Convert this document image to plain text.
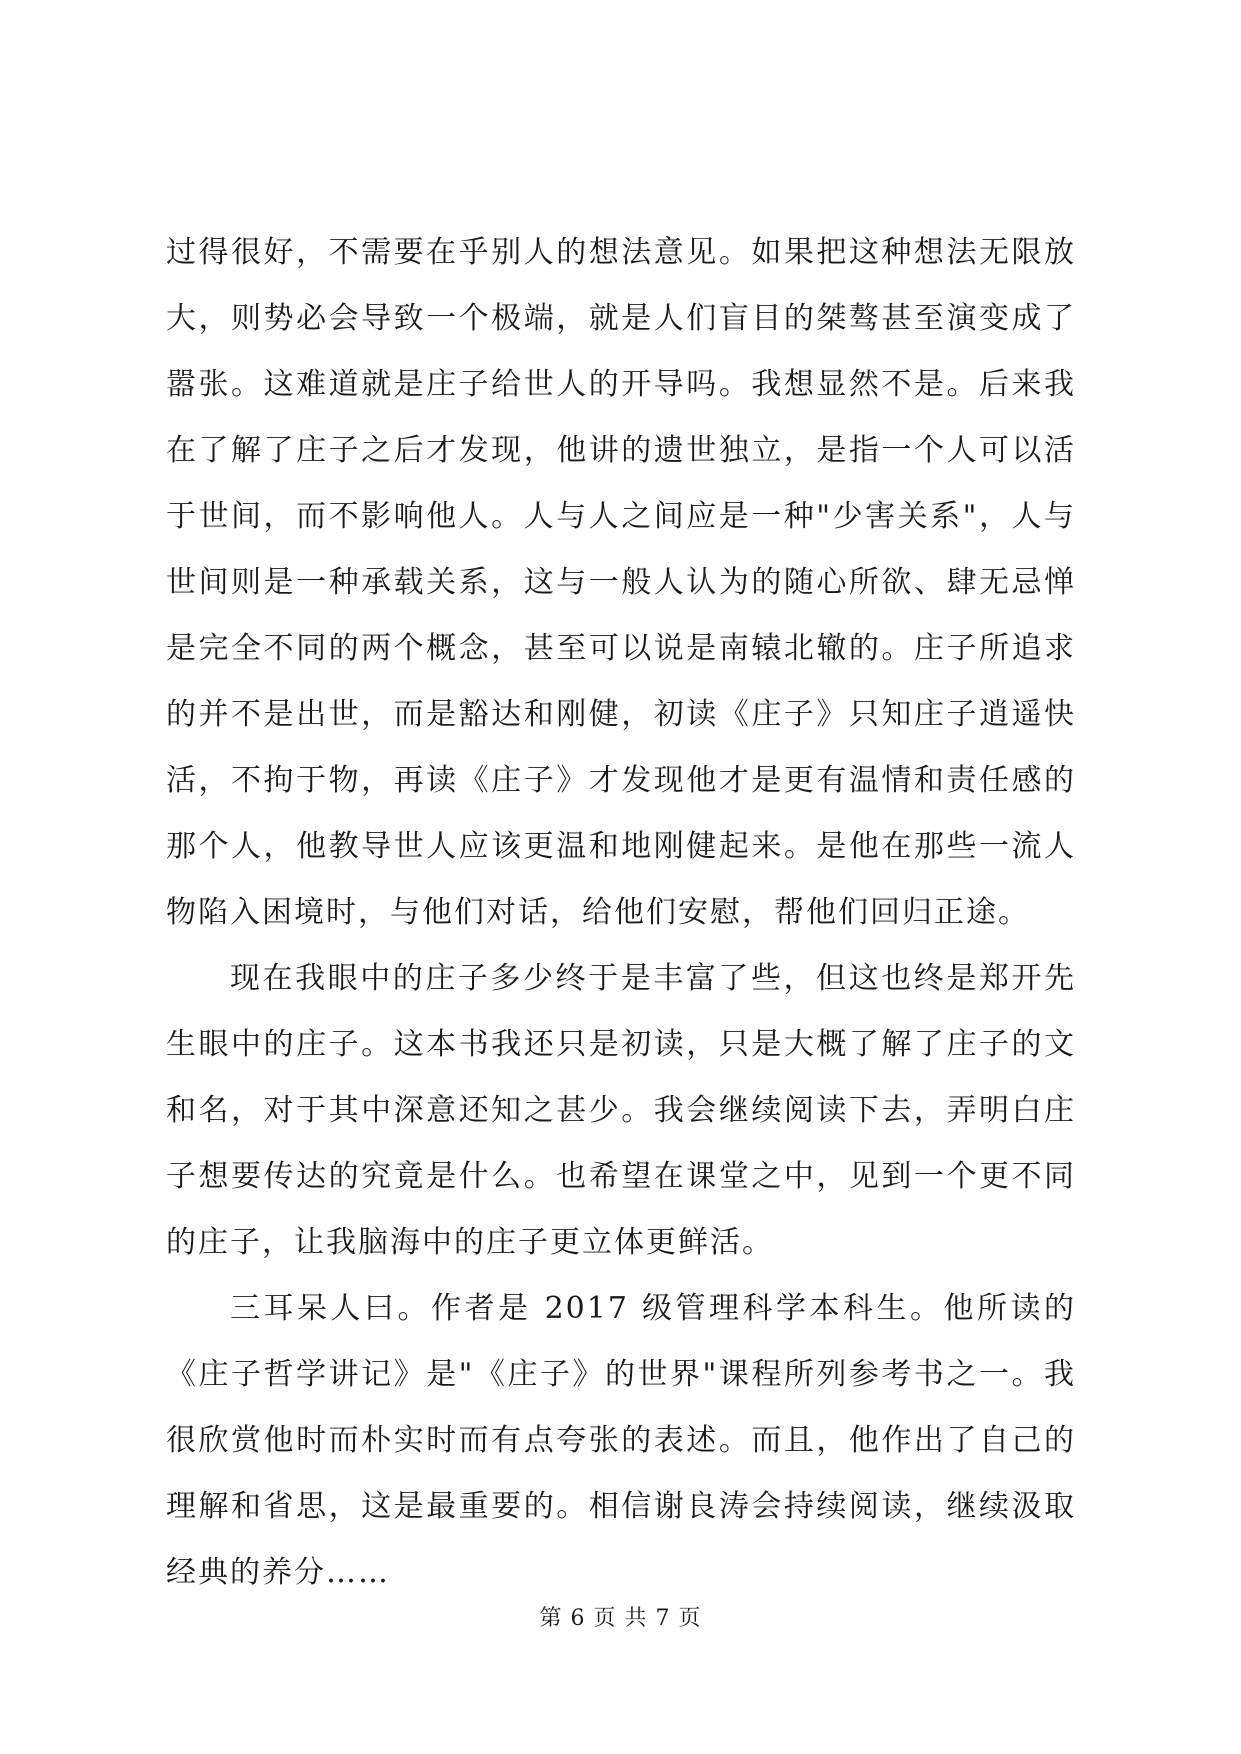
过得很好，不需要在乎别人的想法意见。如果把这种想法无限放大，则势必会导致一个极端，就是人们盲目的桀骜甚至演变成了嚣张。这难道就是庄子给世人的开导吗。我想显然不是。后来我在了解了庄子之后才发现，他讲的遗世独立，是指一个人可以活于世间，而不影响他人。人与人之间应是一种"少害关系"，人与世间则是一种承载关系，这与一般人认为的随心所欲、肆无忌惮是完全不同的两个概念，甚至可以说是南辕北辙的。庄子所追求的并不是出世，而是豁达和刚健，初读《庄子》只知庄子逍遥快活，不拘于物，再读《庄子》才发现他才是更有温情和责任感的那个人，他教导世人应该更温和地刚健起来。是他在那些一流人物陷入困境时，与他们对话，给他们安慰，帮他们回归正途。

现在我眼中的庄子多少终于是丰富了些，但这也终是郑开先生眼中的庄子。这本书我还只是初读，只是大概了解了庄子的文和名，对于其中深意还知之甚少。我会继续阅读下去，弄明白庄子想要传达的究竟是什么。也希望在课堂之中，见到一个更不同的庄子，让我脑海中的庄子更立体更鲜活。

三耳呆人曰。作者是 2017 级管理科学本科生。他所读的《庄子哲学讲记》是"《庄子》的世界"课程所列参考书之一。我很欣赏他时而朴实时而有点夸张的表述。而且，他作出了自己的理解和省思，这是最重要的。相信谢良涛会持续阅读，继续汲取经典的养分……

第 6 页 共 7 页
